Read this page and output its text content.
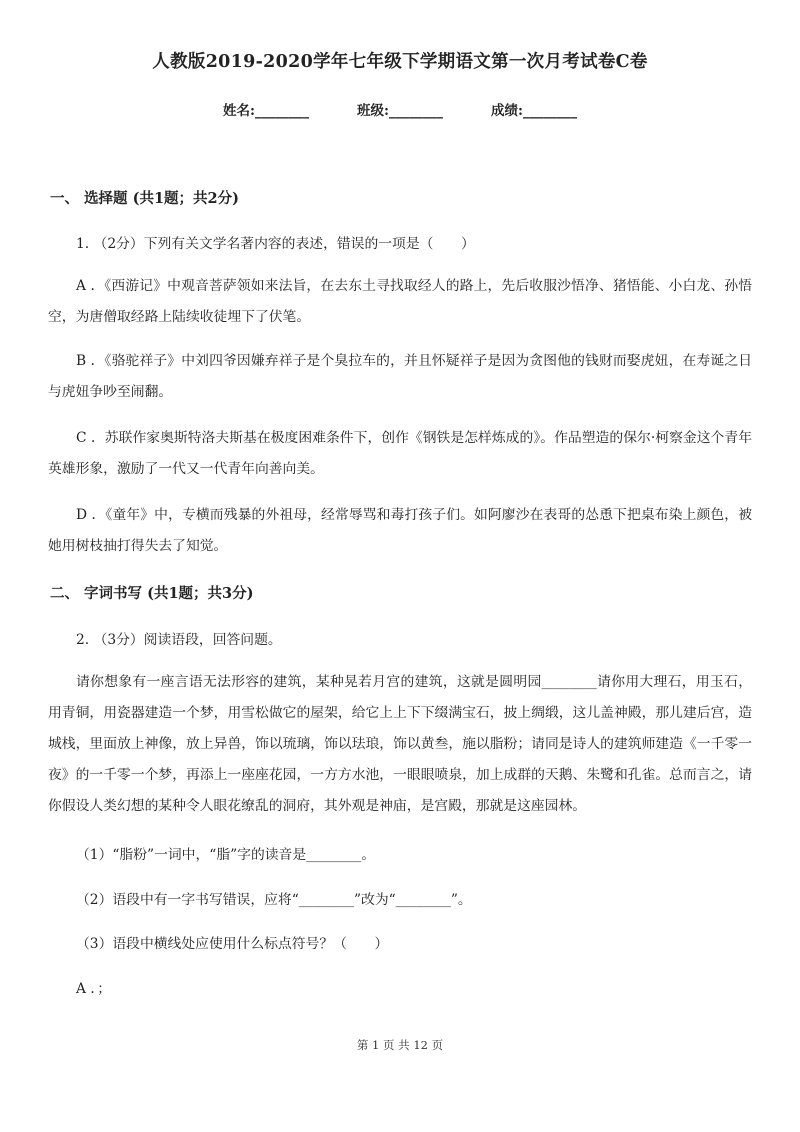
人教版2019-2020学年七年级下学期语文第一次月考试卷C卷
姓名:________	班级:________	成绩:________
一、 选择题 (共1题；共2分)
1. （2分）下列有关文学名著内容的表述，错误的一项是（　　）

A ．《西游记》中观音菩萨领如来法旨，在去东土寻找取经人的路上，先后收服沙悟净、猪悟能、小白龙、孙悟空，为唐僧取经路上陆续收徒埋下了伏笔。

B ．《骆驼祥子》中刘四爷因嫌弃祥子是个臭拉车的，并且怀疑祥子是因为贪图他的钱财而娶虎妞，在寿诞之日与虎妞争吵至闹翻。

C ．苏联作家奥斯特洛夫斯基在极度困难条件下，创作《钢铁是怎样炼成的》。作品塑造的保尔·柯察金这个青年英雄形象，激励了一代又一代青年向善向美。

D ．《童年》中，专横而残暴的外祖母，经常辱骂和毒打孩子们。如阿廖沙在表哥的怂恿下把桌布染上颜色，被她用树枝抽打得失去了知觉。

二、 字词书写 (共1题；共3分)
2. （3分）阅读语段，回答问题。

请你想象有一座言语无法形容的建筑，某种晃若月宫的建筑，这就是圆明园________请你用大理石，用玉石，用青铜，用瓷器建造一个梦，用雪松做它的屋架，给它上上下下缀满宝石，披上绸缎，这儿盖神殿，那儿建后宫，造城栈，里面放上神像，放上异兽，饰以琉璃，饰以珐琅，饰以黄叁，施以脂粉；请同是诗人的建筑师建造《一千零一夜》的一千零一个梦，再添上一座座花园，一方方水池，一眼眼喷泉，加上成群的天鹅、朱鹭和孔雀。总而言之，请你假设人类幻想的某种令人眼花缭乱的洞府，其外观是神庙，是宫殿，那就是这座园林。

（1）“脂粉”一词中，“脂”字的读音是________。
（2）语段中有一字书写错误，应将“________”改为“________”。
（3）语段中横线处应使用什么标点符号？（　　）
A ．；
第 1 页 共 12 页
